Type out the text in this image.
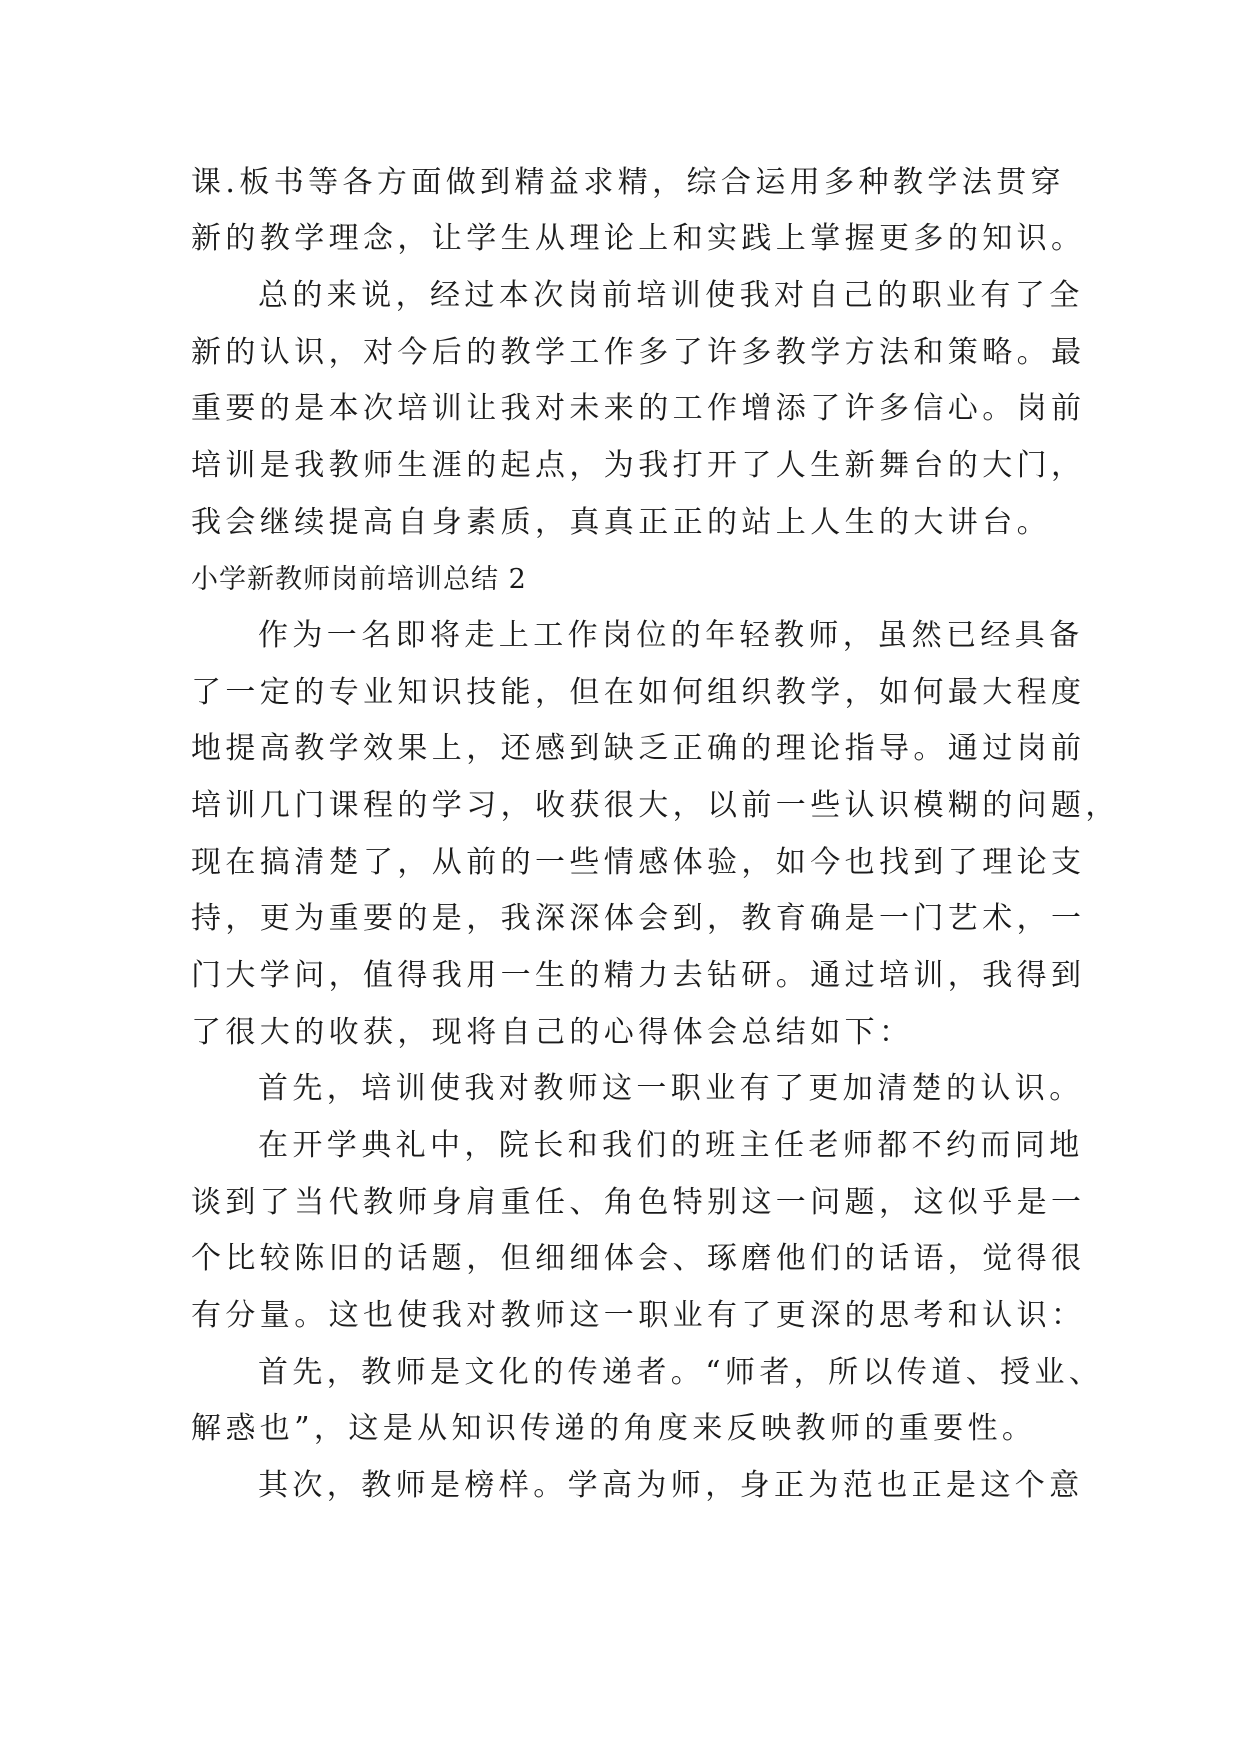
课.板书等各方面做到精益求精，综合运用多种教学法贯穿
新的教学理念，让学生从理论上和实践上掌握更多的知识。
总的来说，经过本次岗前培训使我对自己的职业有了全
新的认识，对今后的教学工作多了许多教学方法和策略。最
重要的是本次培训让我对未来的工作增添了许多信心。岗前
培训是我教师生涯的起点，为我打开了人生新舞台的大门，
我会继续提高自身素质，真真正正的站上人生的大讲台。
小学新教师岗前培训总结 2
作为一名即将走上工作岗位的年轻教师，虽然已经具备
了一定的专业知识技能，但在如何组织教学，如何最大程度
地提高教学效果上，还感到缺乏正确的理论指导。通过岗前
培训几门课程的学习，收获很大，以前一些认识模糊的问题，
现在搞清楚了，从前的一些情感体验，如今也找到了理论支
持，更为重要的是，我深深体会到，教育确是一门艺术，一
门大学问，值得我用一生的精力去钻研。通过培训，我得到
了很大的收获，现将自己的心得体会总结如下：
首先，培训使我对教师这一职业有了更加清楚的认识。
在开学典礼中，院长和我们的班主任老师都不约而同地
谈到了当代教师身肩重任、角色特别这一问题，这似乎是一
个比较陈旧的话题，但细细体会、琢磨他们的话语，觉得很
有分量。这也使我对教师这一职业有了更深的思考和认识：
首先，教师是文化的传递者。“师者，所以传道、授业、
解惑也”，这是从知识传递的角度来反映教师的重要性。
其次，教师是榜样。学高为师，身正为范也正是这个意
